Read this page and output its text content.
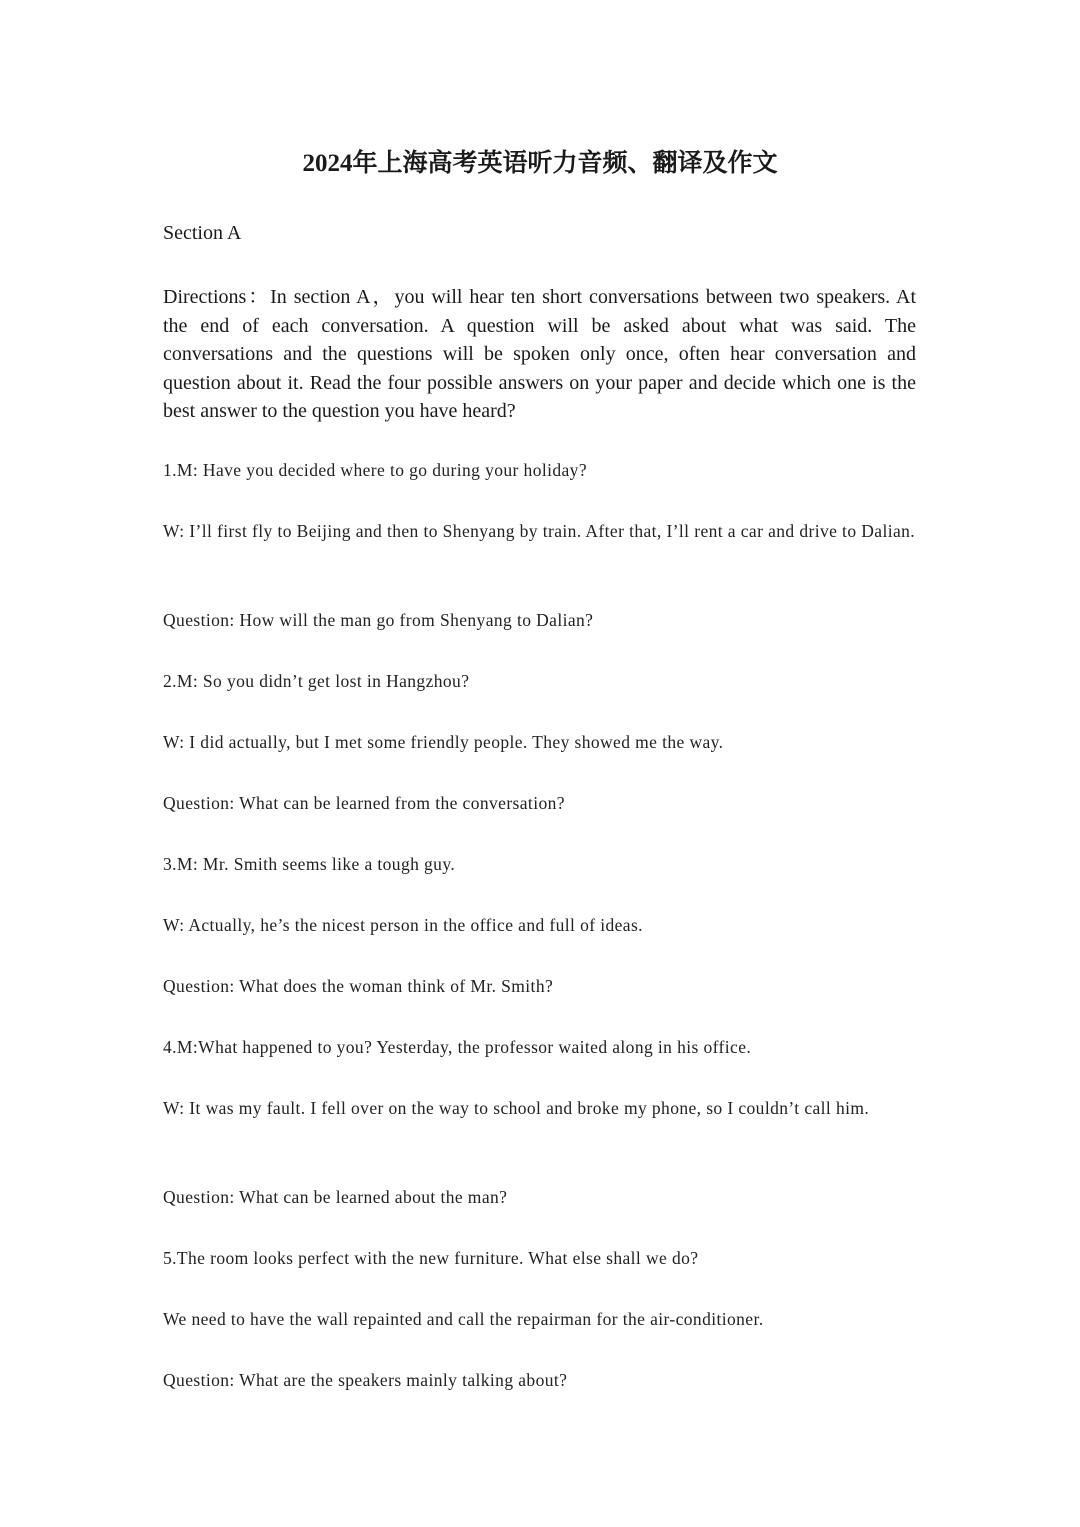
2024年上海高考英语听力音频、翻译及作文
Section A
Directions：In section A，you will hear ten short conversations between two speakers. At the end of each conversation. A question will be asked about what was said. The conversations and the questions will be spoken only once, often hear conversation and question about it. Read the four possible answers on your paper and decide which one is the best answer to the question you have heard?
1.M: Have you decided where to go during your holiday?
W: I’ll first fly to Beijing and then to Shenyang by train. After that, I’ll rent a car and drive to Dalian.
Question: How will the man go from Shenyang to Dalian?
2.M: So you didn’t get lost in Hangzhou?
W: I did actually, but I met some friendly people. They showed me the way.
Question: What can be learned from the conversation?
3.M: Mr. Smith seems like a tough guy.
W: Actually, he’s the nicest person in the office and full of ideas.
Question: What does the woman think of Mr. Smith?
4.M:What happened to you? Yesterday, the professor waited along in his office.
W: It was my fault. I fell over on the way to school and broke my phone, so I couldn’t call him.
Question: What can be learned about the man?
5.The room looks perfect with the new furniture. What else shall we do?
We need to have the wall repainted and call the repairman for the air-conditioner.
Question: What are the speakers mainly talking about?
